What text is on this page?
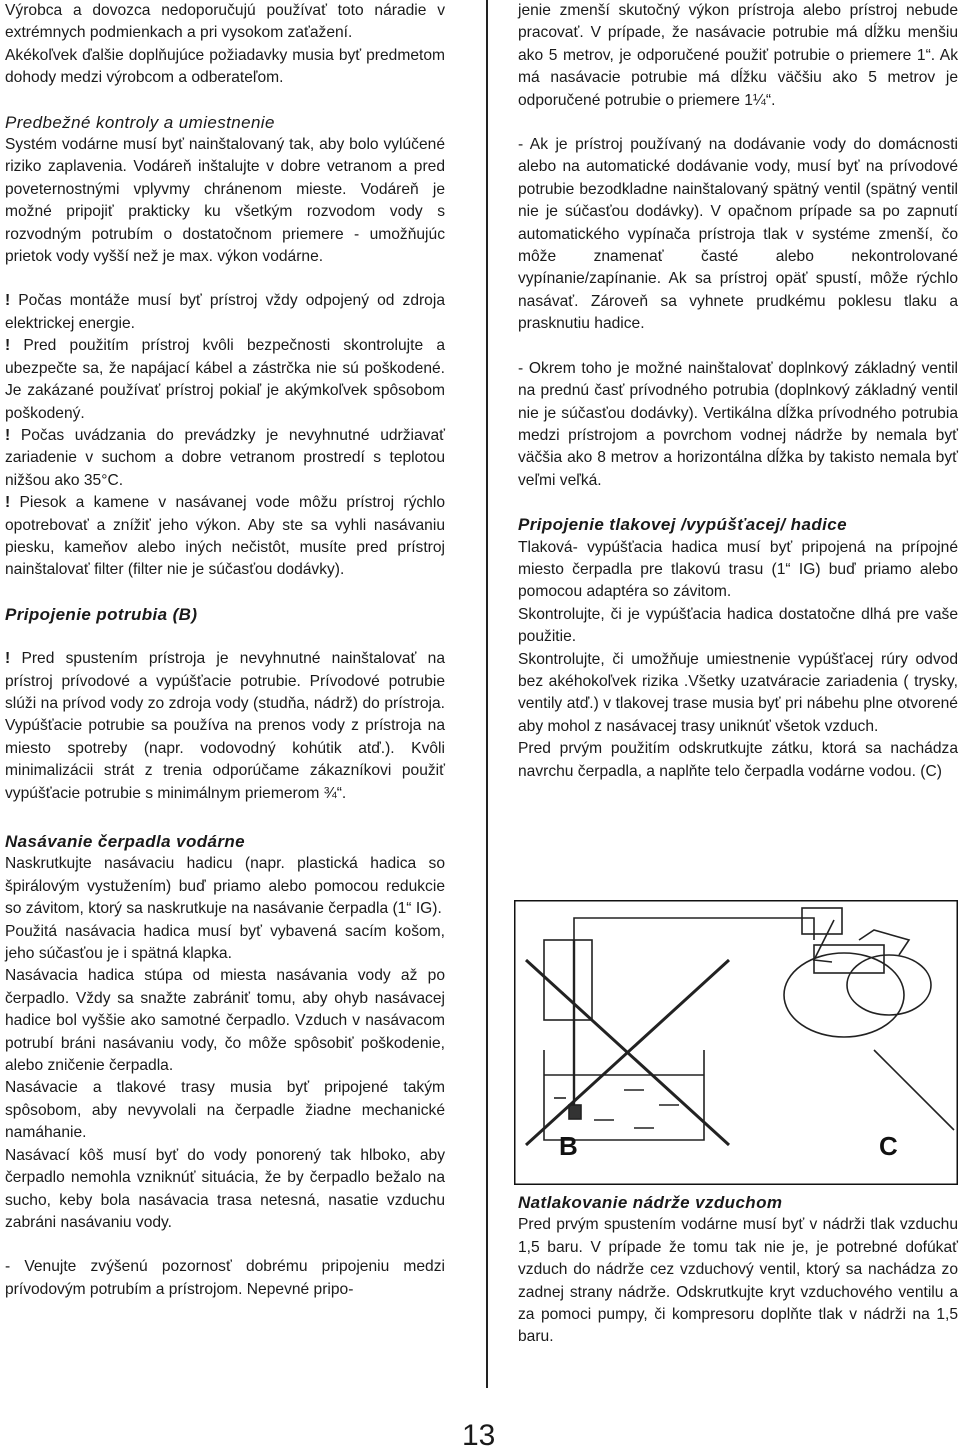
Výrobca a dovozca nedoporučujú používať toto náradie v extrémnych podmienkach a pri vysokom zaťažení.

Akékoľvek ďalšie doplňujúce požiadavky musia byť predmetom dohody medzi výrobcom a odberateľom.

Predbežné kontroly a umiestnenie

Systém vodárne musí byť nainštalovaný tak, aby bolo vylúčené riziko zaplavenia. Vodáreň inštalujte v dobre vetranom a pred poveternostnými vplyvmy chránenom mieste. Vodáreň je možné pripojiť prakticky ku všetkým rozvodom vody s rozvodným potrubím o dostatočnom priemere - umožňujúc prietok vody vyšší než je max. výkon vodárne.

! Počas montáže musí byť prístroj vždy odpojený od zdroja elektrickej energie.

! Pred použitím prístroj kvôli bezpečnosti skontrolujte a ubezpečte sa, že napájací kábel a zástrčka nie sú poškodené. Je zakázané používať prístroj pokiaľ je akýmkoľvek spôsobom poškodený.

! Počas uvádzania do prevádzky je nevyhnutné udržiavať zariadenie v suchom a dobre vetranom prostredí s teplotou nižšou ako 35°C.

! Piesok a kamene v nasávanej vode môžu prístroj rýchlo opotrebovať a znížiť jeho výkon. Aby ste sa vyhli nasávaniu piesku, kameňov alebo iných nečistôt, musíte pred prístroj nainštalovať filter (filter nie je súčasťou dodávky).

Pripojenie potrubia (B)

! Pred spustením prístroja je nevyhnutné nainštalovať na prístroj prívodové a vypúšťacie potrubie. Prívodové potrubie slúži na prívod vody zo zdroja vody (studňa, nádrž) do prístroja. Vypúšťacie potrubie sa používa na prenos vody z prístroja na miesto spotreby (napr. vodovodný kohútik atď.). Kvôli minimalizácii strát z trenia odporúčame zákazníkovi použiť vypúšťacie potrubie s minimálnym priemerom ¾“.

Nasávanie čerpadla vodárne

Naskrutkujte nasávaciu hadicu (napr. plastická hadica so špirálovým vystužením) buď priamo alebo pomocou redukcie so závitom, ktorý sa naskrutkuje na nasávanie čerpadla (1“ IG).

Použitá nasávacia hadica musí byť vybavená sacím košom, jeho súčasťou je i spätná klapka.

Nasávacia hadica stúpa od miesta nasávania vody až po čerpadlo. Vždy sa snažte zabrániť tomu, aby ohyb nasávacej hadice bol vyššie ako samotné čerpadlo. Vzduch v nasávacom potrubí bráni nasávaniu vody, čo môže spôsobiť poškodenie, alebo zničenie čerpadla.

Nasávacie a tlakové trasy musia byť pripojené takým spôsobom, aby nevyvolali na čerpadle žiadne mechanické namáhanie.

Nasávací kôš musí byť do vody ponorený tak hlboko, aby čerpadlo nemohla vzniknúť situácia, že by čerpadlo bežalo na sucho, keby bola nasávacia trasa netesná, nasatie vzduchu zabráni nasávaniu vody.

- Venujte zvýšenú pozornosť dobrému pripojeniu medzi prívodovým potrubím a prístrojom. Nepevné pripo-

jenie zmenší skutočný výkon prístroja alebo prístroj nebude pracovať. V prípade, že nasávacie potrubie má dĺžku menšiu ako 5 metrov, je odporučené použiť potrubie o priemere 1“. Ak má nasávacie potrubie má dĺžku väčšiu ako 5 metrov je odporučené potrubie o priemere 1¼“.

- Ak je prístroj používaný na dodávanie vody do domácnosti alebo na automatické dodávanie vody, musí byť na prívodové potrubie bezodkladne nainštalovaný spätný ventil (spätný ventil nie je súčasťou dodávky). V opačnom prípade sa po zapnutí automatického vypínača prístroja tlak v systéme zmenší, čo môže znamenať časté alebo nekontrolované vypínanie/zapínanie. Ak sa prístroj opäť spustí, môže rýchlo nasávať. Zároveň sa vyhnete prudkému poklesu tlaku a prasknutiu hadice.

- Okrem toho je možné nainštalovať doplnkový základný ventil na prednú časť prívodného potrubia (doplnkový základný ventil nie je súčasťou dodávky). Vertikálna dĺžka prívodného potrubia medzi prístrojom a povrchom vodnej nádrže by nemala byť väčšia ako 8 metrov a horizontálna dĺžka by takisto nemala byť veľmi veľká.

Pripojenie tlakovej /vypúšťacej/ hadice

Tlaková- vypúšťacia hadica musí byť pripojená na prípojné miesto čerpadla pre tlakovú trasu (1“ IG) buď priamo alebo pomocou adaptéra so závitom.

Skontrolujte, či je vypúšťacia hadica dostatočne dlhá pre vaše použitie.

Skontrolujte, či umožňuje umiestnenie vypúšťacej rúry odvod bez akéhokoľvek rizika .Všetky uzatváracie zariadenia ( trysky, ventily atď.) v tlakovej trase musia byť pri nábehu plne otvorené aby mohol z nasávacej trasy uniknúť všetok vzduch.

Pred prvým použitím odskrutkujte zátku, ktorá sa nachádza navrchu čerpadla, a naplňte telo čerpadla vodárne vodou. (C)

B	C

Natlakovanie nádrže vzduchom

Pred prvým spustením vodárne musí byť v nádrži tlak vzduchu 1,5 baru. V prípade že tomu tak nie je, je potrebné dofúkať vzduch do nádrže cez vzduchový ventil, ktorý sa nachádza zo zadnej strany nádrže. Odskrutkujte kryt vzduchového ventilu a za pomoci pumpy, či kompresoru doplňte tlak v nádrži na 1,5 baru.

13
